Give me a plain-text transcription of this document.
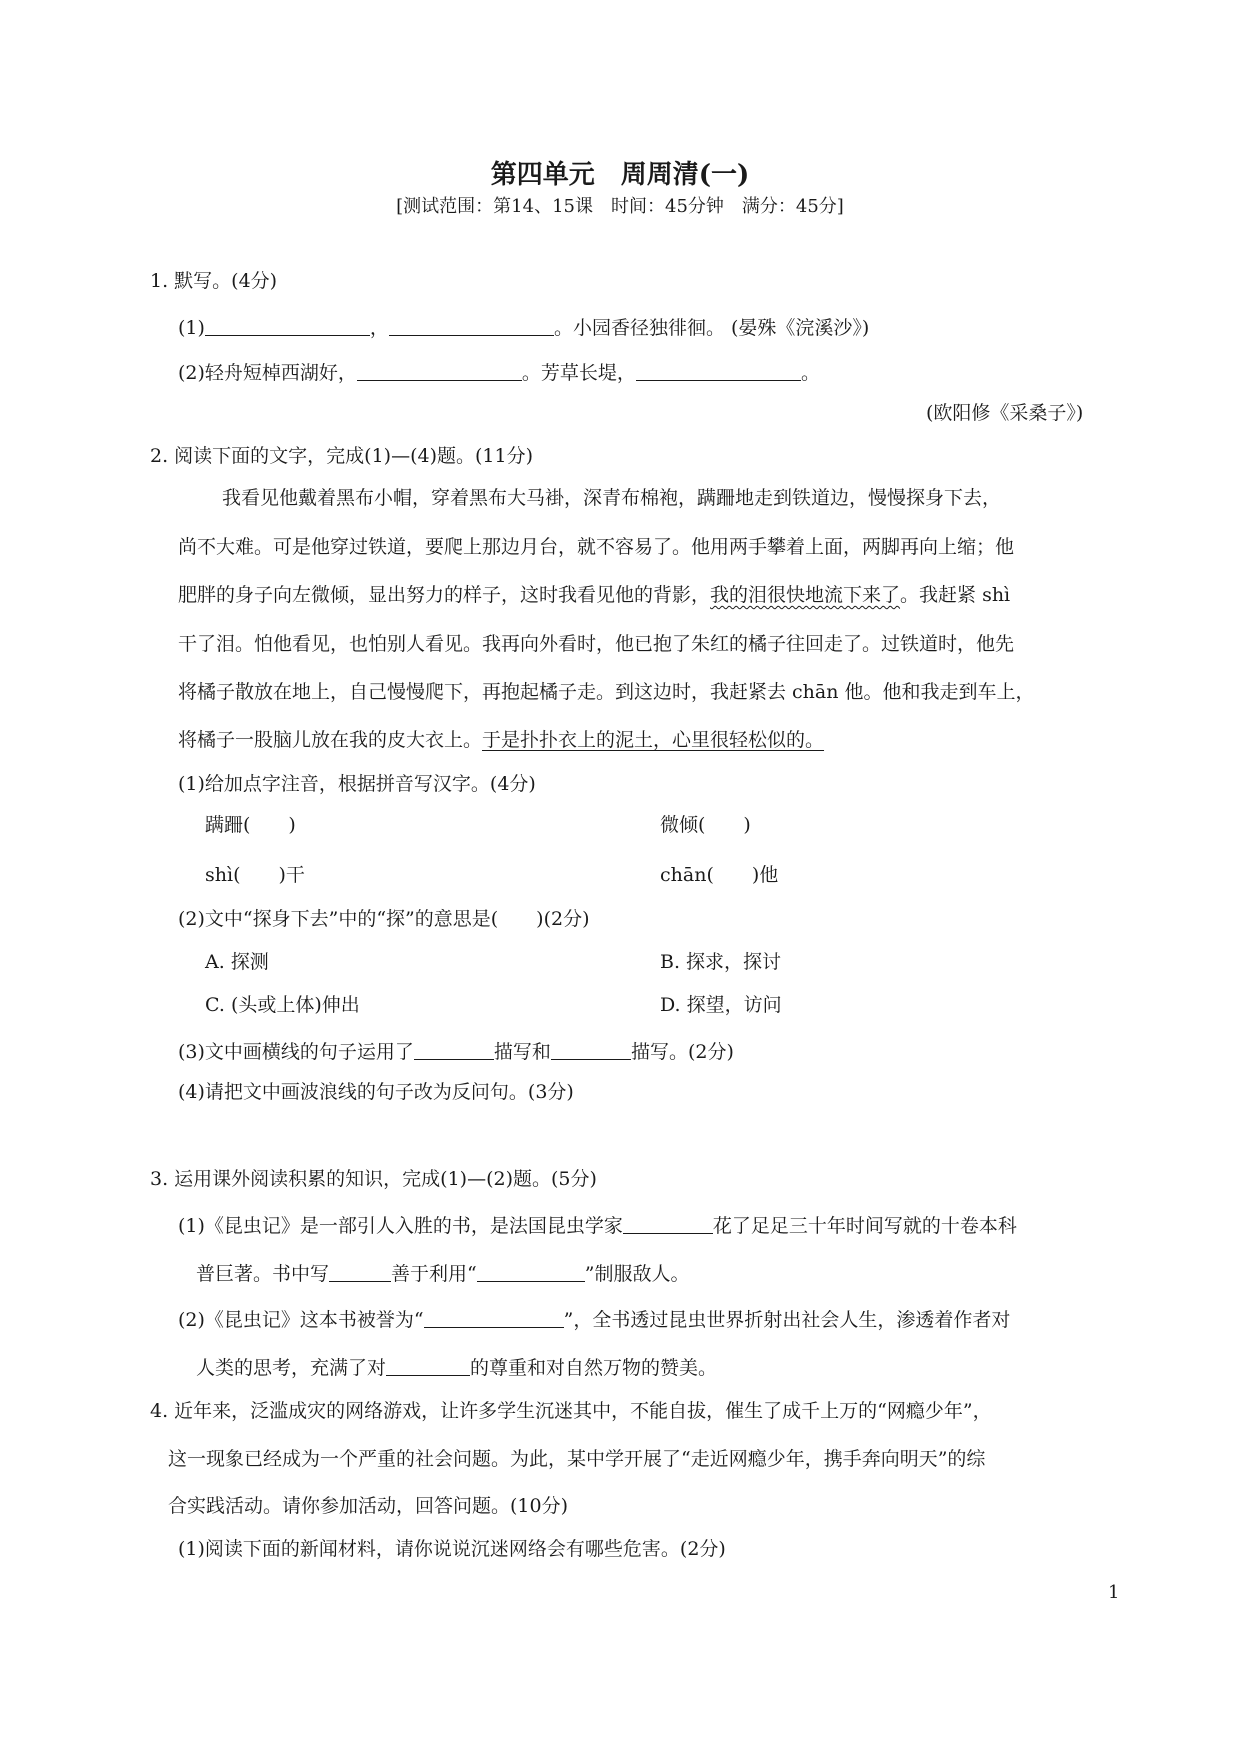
第四单元　周周清(一)
[测试范围：第14、15课　时间：45分钟　满分：45分]
1. 默写。(4分)
(1)	，	。小园香径独徘徊。 (晏殊《浣溪沙》)
(2)轻舟短棹西湖好，	。芳草长堤，	。
(欧阳修《采桑子》)
2. 阅读下面的文字，完成(1)—(4)题。(11分)
我看见他戴着黑布小帽，穿着黑布大马褂，深青布棉袍，蹒跚地走到铁道边，慢慢探身下去，
尚不大难。可是他穿过铁道，要爬上那边月台，就不容易了。他用两手攀着上面，两脚再向上缩；他
肥胖的身子向左微倾，显出努力的样子，这时我看见他的背影，我的泪很快地流下来了。我赶紧 shì
干了泪。怕他看见，也怕别人看见。我再向外看时，他已抱了朱红的橘子往回走了。过铁道时，他先
将橘子散放在地上，自己慢慢爬下，再抱起橘子走。到这边时，我赶紧去 chān 他。他和我走到车上，
将橘子一股脑儿放在我的皮大衣上。于是扑扑衣上的泥土，心里很轻松似的。
(1)给加点字注音，根据拼音写汉字。(4分)
蹒跚(　　)	微倾(　　)
shì(　　)干	chān(　　)他
(2)文中“探身下去”中的“探”的意思是(　　)(2分)
A. 探测	B. 探求，探讨
C. (头或上体)伸出	D. 探望，访问
(3)文中画横线的句子运用了	描写和	描写。(2分)
(4)请把文中画波浪线的句子改为反问句。(3分)
3. 运用课外阅读积累的知识，完成(1)—(2)题。(5分)
(1)《昆虫记》是一部引人入胜的书，是法国昆虫学家	花了足足三十年时间写就的十卷本科
普巨著。书中写	善于利用“	”制服敌人。
(2)《昆虫记》这本书被誉为“	”，全书透过昆虫世界折射出社会人生，渗透着作者对
人类的思考，充满了对	的尊重和对自然万物的赞美。
4. 近年来，泛滥成灾的网络游戏，让许多学生沉迷其中，不能自拔，催生了成千上万的“网瘾少年”，
这一现象已经成为一个严重的社会问题。为此，某中学开展了“走近网瘾少年，携手奔向明天”的综
合实践活动。请你参加活动，回答问题。(10分)
(1)阅读下面的新闻材料，请你说说沉迷网络会有哪些危害。(2分)
1
